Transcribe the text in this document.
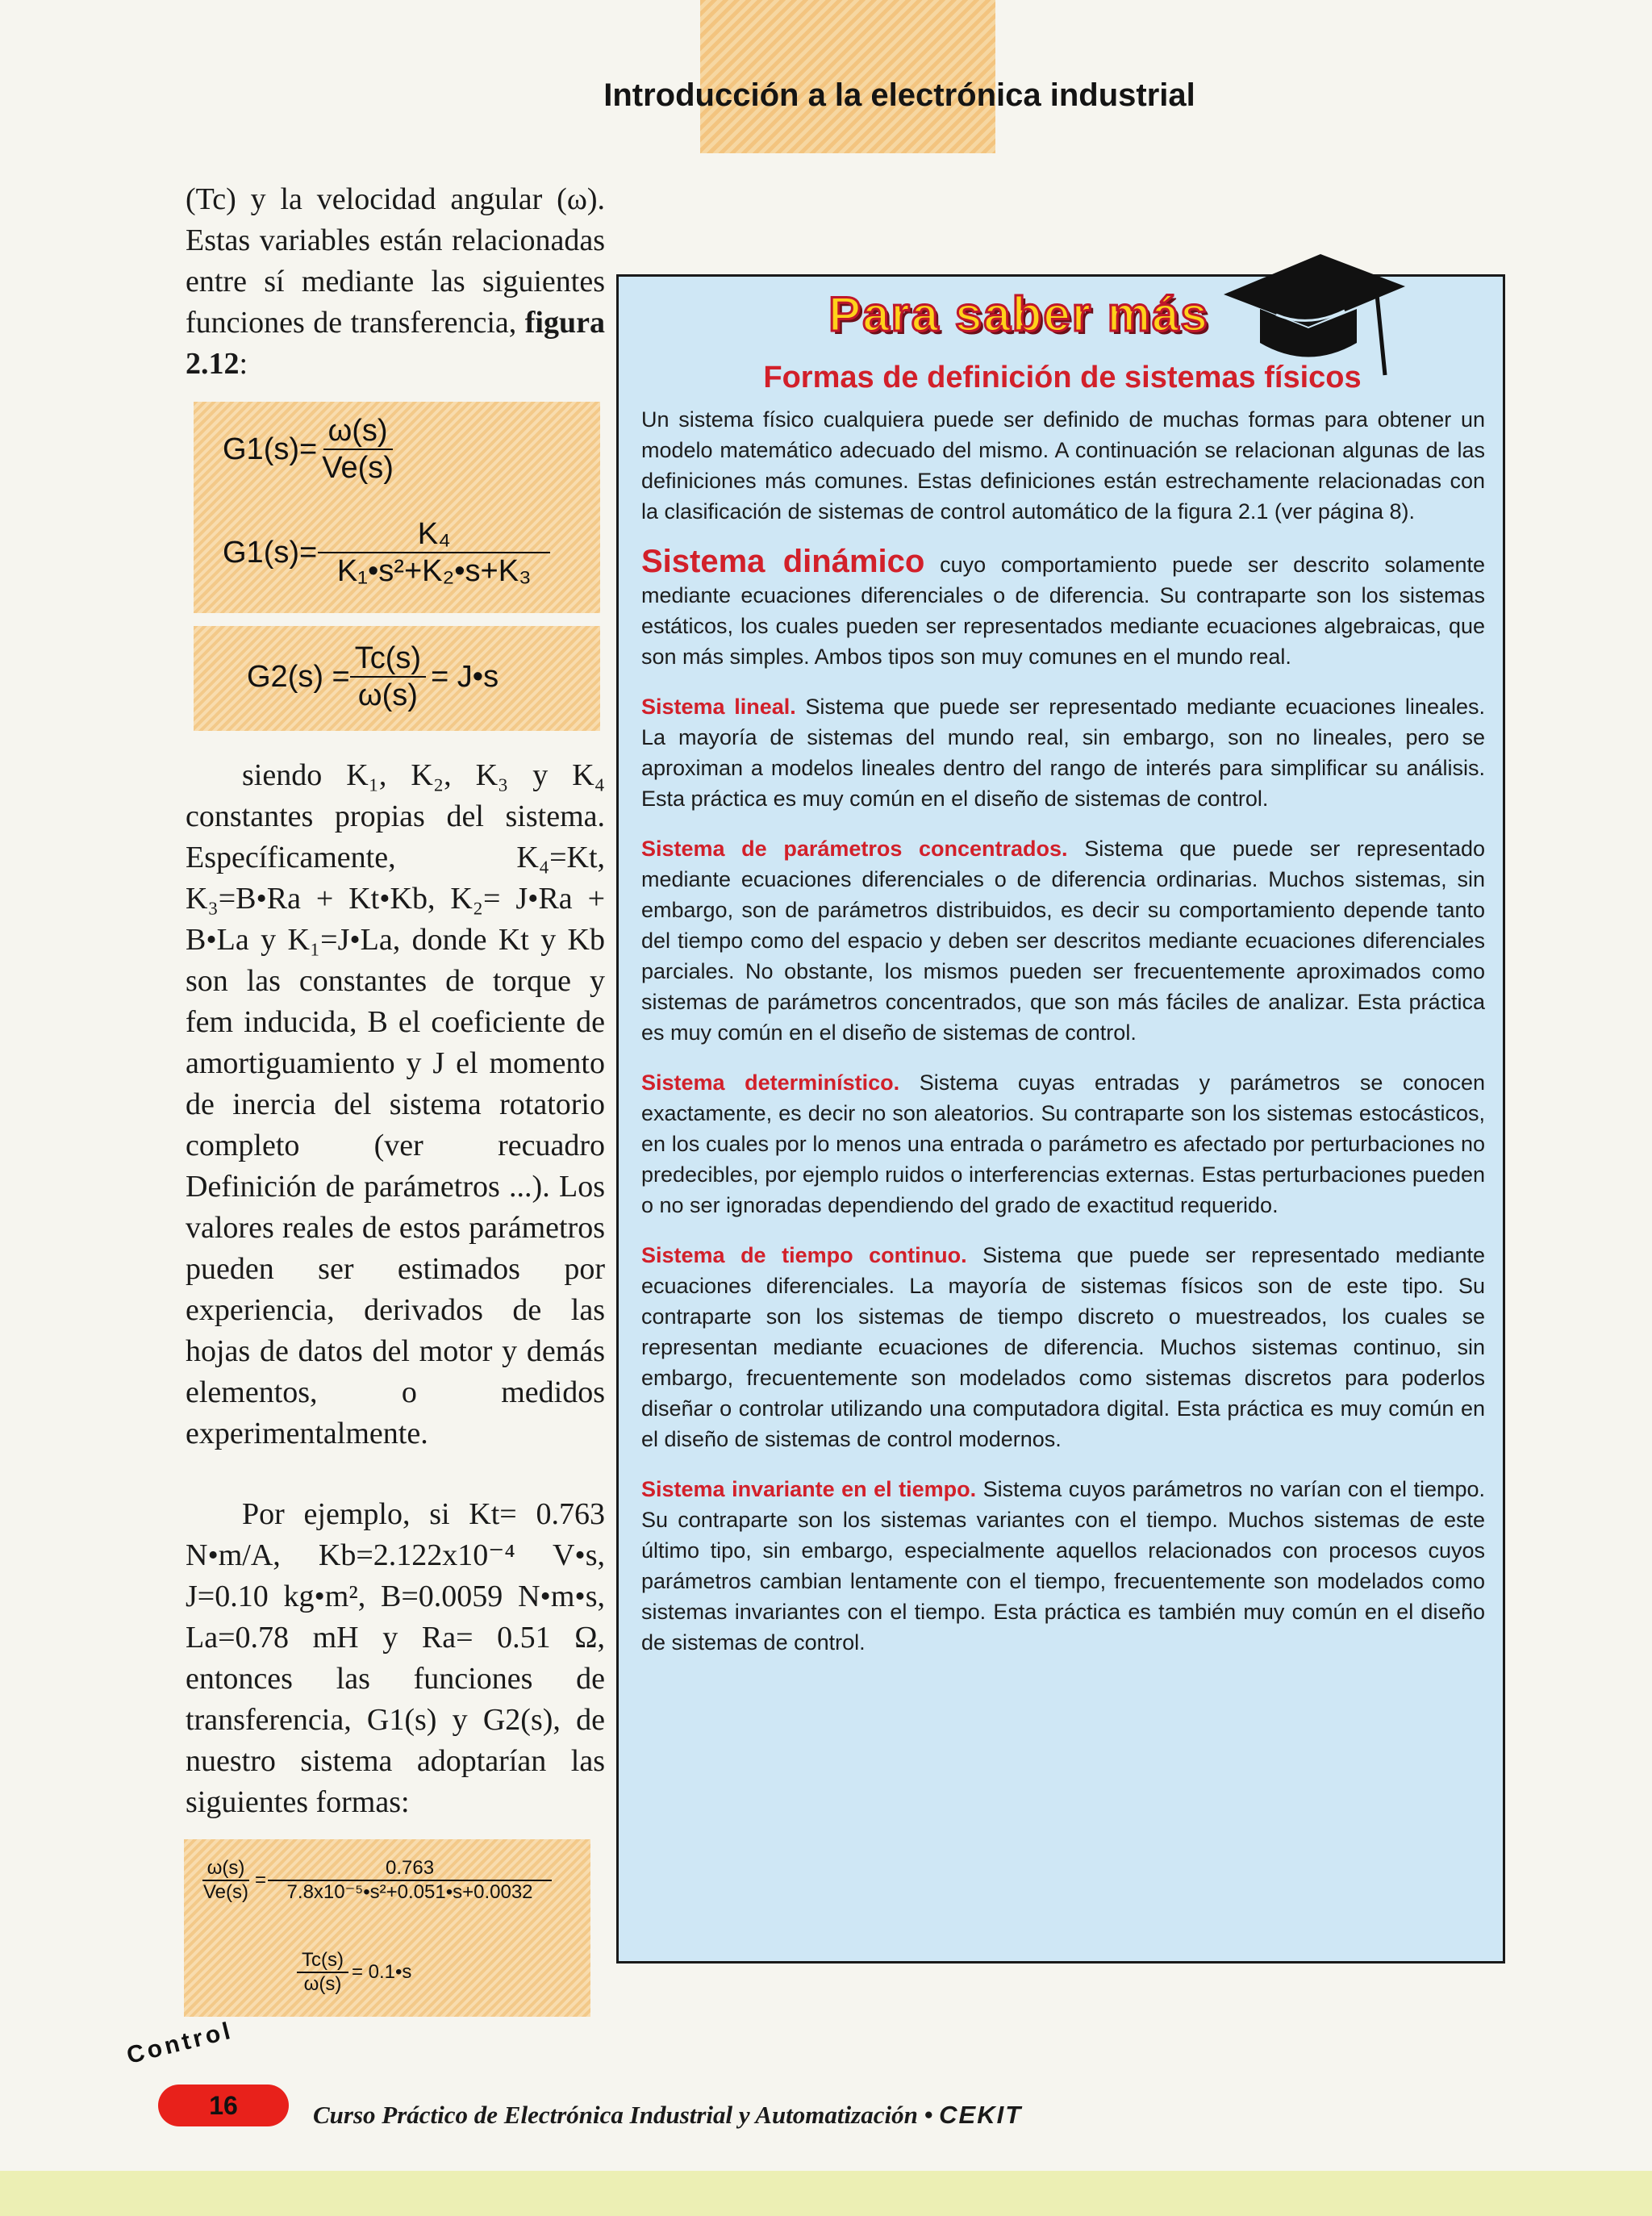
Introducción a la electrónica industrial

(Tc) y la velocidad angular (ω). Estas variables están relacionadas entre sí mediante las siguientes funciones de transferencia, figura 2.12:

$G1(s)= \frac{\omega(s)}{Ve(s)}$
$G1(s)= \frac{\text{K₄}}{\text{K₁•s²+K₂•s+K₃}}$
$G2(s) = \frac{Tc(s)}{\omega(s)}$ = J•s

siendo K₁, K₂, K₃ y K₄ constantes propias del sistema. Específicamente, K₄=Kt, K₃=B•Ra + Kt•Kb, K₂= J•Ra + B•La y K₁=J•La, donde Kt y Kb son las constantes de torque y fem inducida, B el coeficiente de amortiguamiento y J el momento de inercia del sistema rotatorio completo (ver recuadro Definición de parámetros ...). Los valores reales de estos parámetros pueden ser estimados por experiencia, derivados de las hojas de datos del motor y demás elementos, o medidos experimentalmente.

Por ejemplo, si Kt= 0.763 N•m/A, Kb=2.122x10⁻⁴ V•s, J=0.10 kg•m², B=0.0059 N•m•s, La=0.78 mH y Ra= 0.51 Ω, entonces las funciones de transferencia, G1(s) y G2(s), de nuestro sistema adoptarían las siguientes formas:

$\frac{\omega(s)}{Ve(s)} = \frac{0.763}{\text{7.8x10⁻⁵•s²+0.051•s+0.0032}}$
$\frac{Tc(s)}{\omega(s)}$ = 0.1•s
Para saber más
Formas de definición de sistemas físicos

Un sistema físico cualquiera puede ser definido de muchas formas para obtener un modelo matemático adecuado del mismo. A continuación se relacionan algunas de las definiciones más comunes. Estas definiciones están estrechamente relacionadas con la clasificación de sistemas de control automático de la figura 2.1 (ver página 8).

Sistema dinámico cuyo comportamiento puede ser descrito solamente mediante ecuaciones diferenciales o de diferencia. Su contraparte son los sistemas estáticos, los cuales pueden ser representados mediante ecuaciones algebraicas, que son más simples. Ambos tipos son muy comunes en el mundo real.

Sistema lineal. Sistema que puede ser representado mediante ecuaciones lineales. La mayoría de sistemas del mundo real, sin embargo, son no lineales, pero se aproximan a modelos lineales dentro del rango de interés para simplificar su análisis. Esta práctica es muy común en el diseño de sistemas de control.

Sistema de parámetros concentrados. Sistema que puede ser representado mediante ecuaciones diferenciales o de diferencia ordinarias. Muchos sistemas, sin embargo, son de parámetros distribuidos, es decir su comportamiento depende tanto del tiempo como del espacio y deben ser descritos mediante ecuaciones diferenciales parciales. No obstante, los mismos pueden ser frecuentemente aproximados como sistemas de parámetros concentrados, que son más fáciles de analizar. Esta práctica es muy común en el diseño de sistemas de control.

Sistema determinístico. Sistema cuyas entradas y parámetros se conocen exactamente, es decir no son aleatorios. Su contraparte son los sistemas estocásticos, en los cuales por lo menos una entrada o parámetro es afectado por perturbaciones no predecibles, por ejemplo ruidos o interferencias externas. Estas perturbaciones pueden o no ser ignoradas dependiendo del grado de exactitud requerido.

Sistema de tiempo continuo. Sistema que puede ser representado mediante ecuaciones diferenciales. La mayoría de sistemas físicos son de este tipo. Su contraparte son los sistemas de tiempo discreto o muestreados, los cuales se representan mediante ecuaciones de diferencia. Muchos sistemas continuo, sin embargo, frecuentemente son modelados como sistemas discretos para poderlos diseñar o controlar utilizando una computadora digital. Esta práctica es muy común en el diseño de sistemas de control modernos.

Sistema invariante en el tiempo. Sistema cuyos parámetros no varían con el tiempo. Su contraparte son los sistemas variantes con el tiempo. Muchos sistemas de este último tipo, sin embargo, especialmente aquellos relacionados con procesos cuyos parámetros cambian lentamente con el tiempo, frecuentemente son modelados como sistemas invariantes con el tiempo. Esta práctica es también muy común en el diseño de sistemas de control.

Control
16	Curso Práctico de Electrónica Industrial y Automatización • CEKIT
